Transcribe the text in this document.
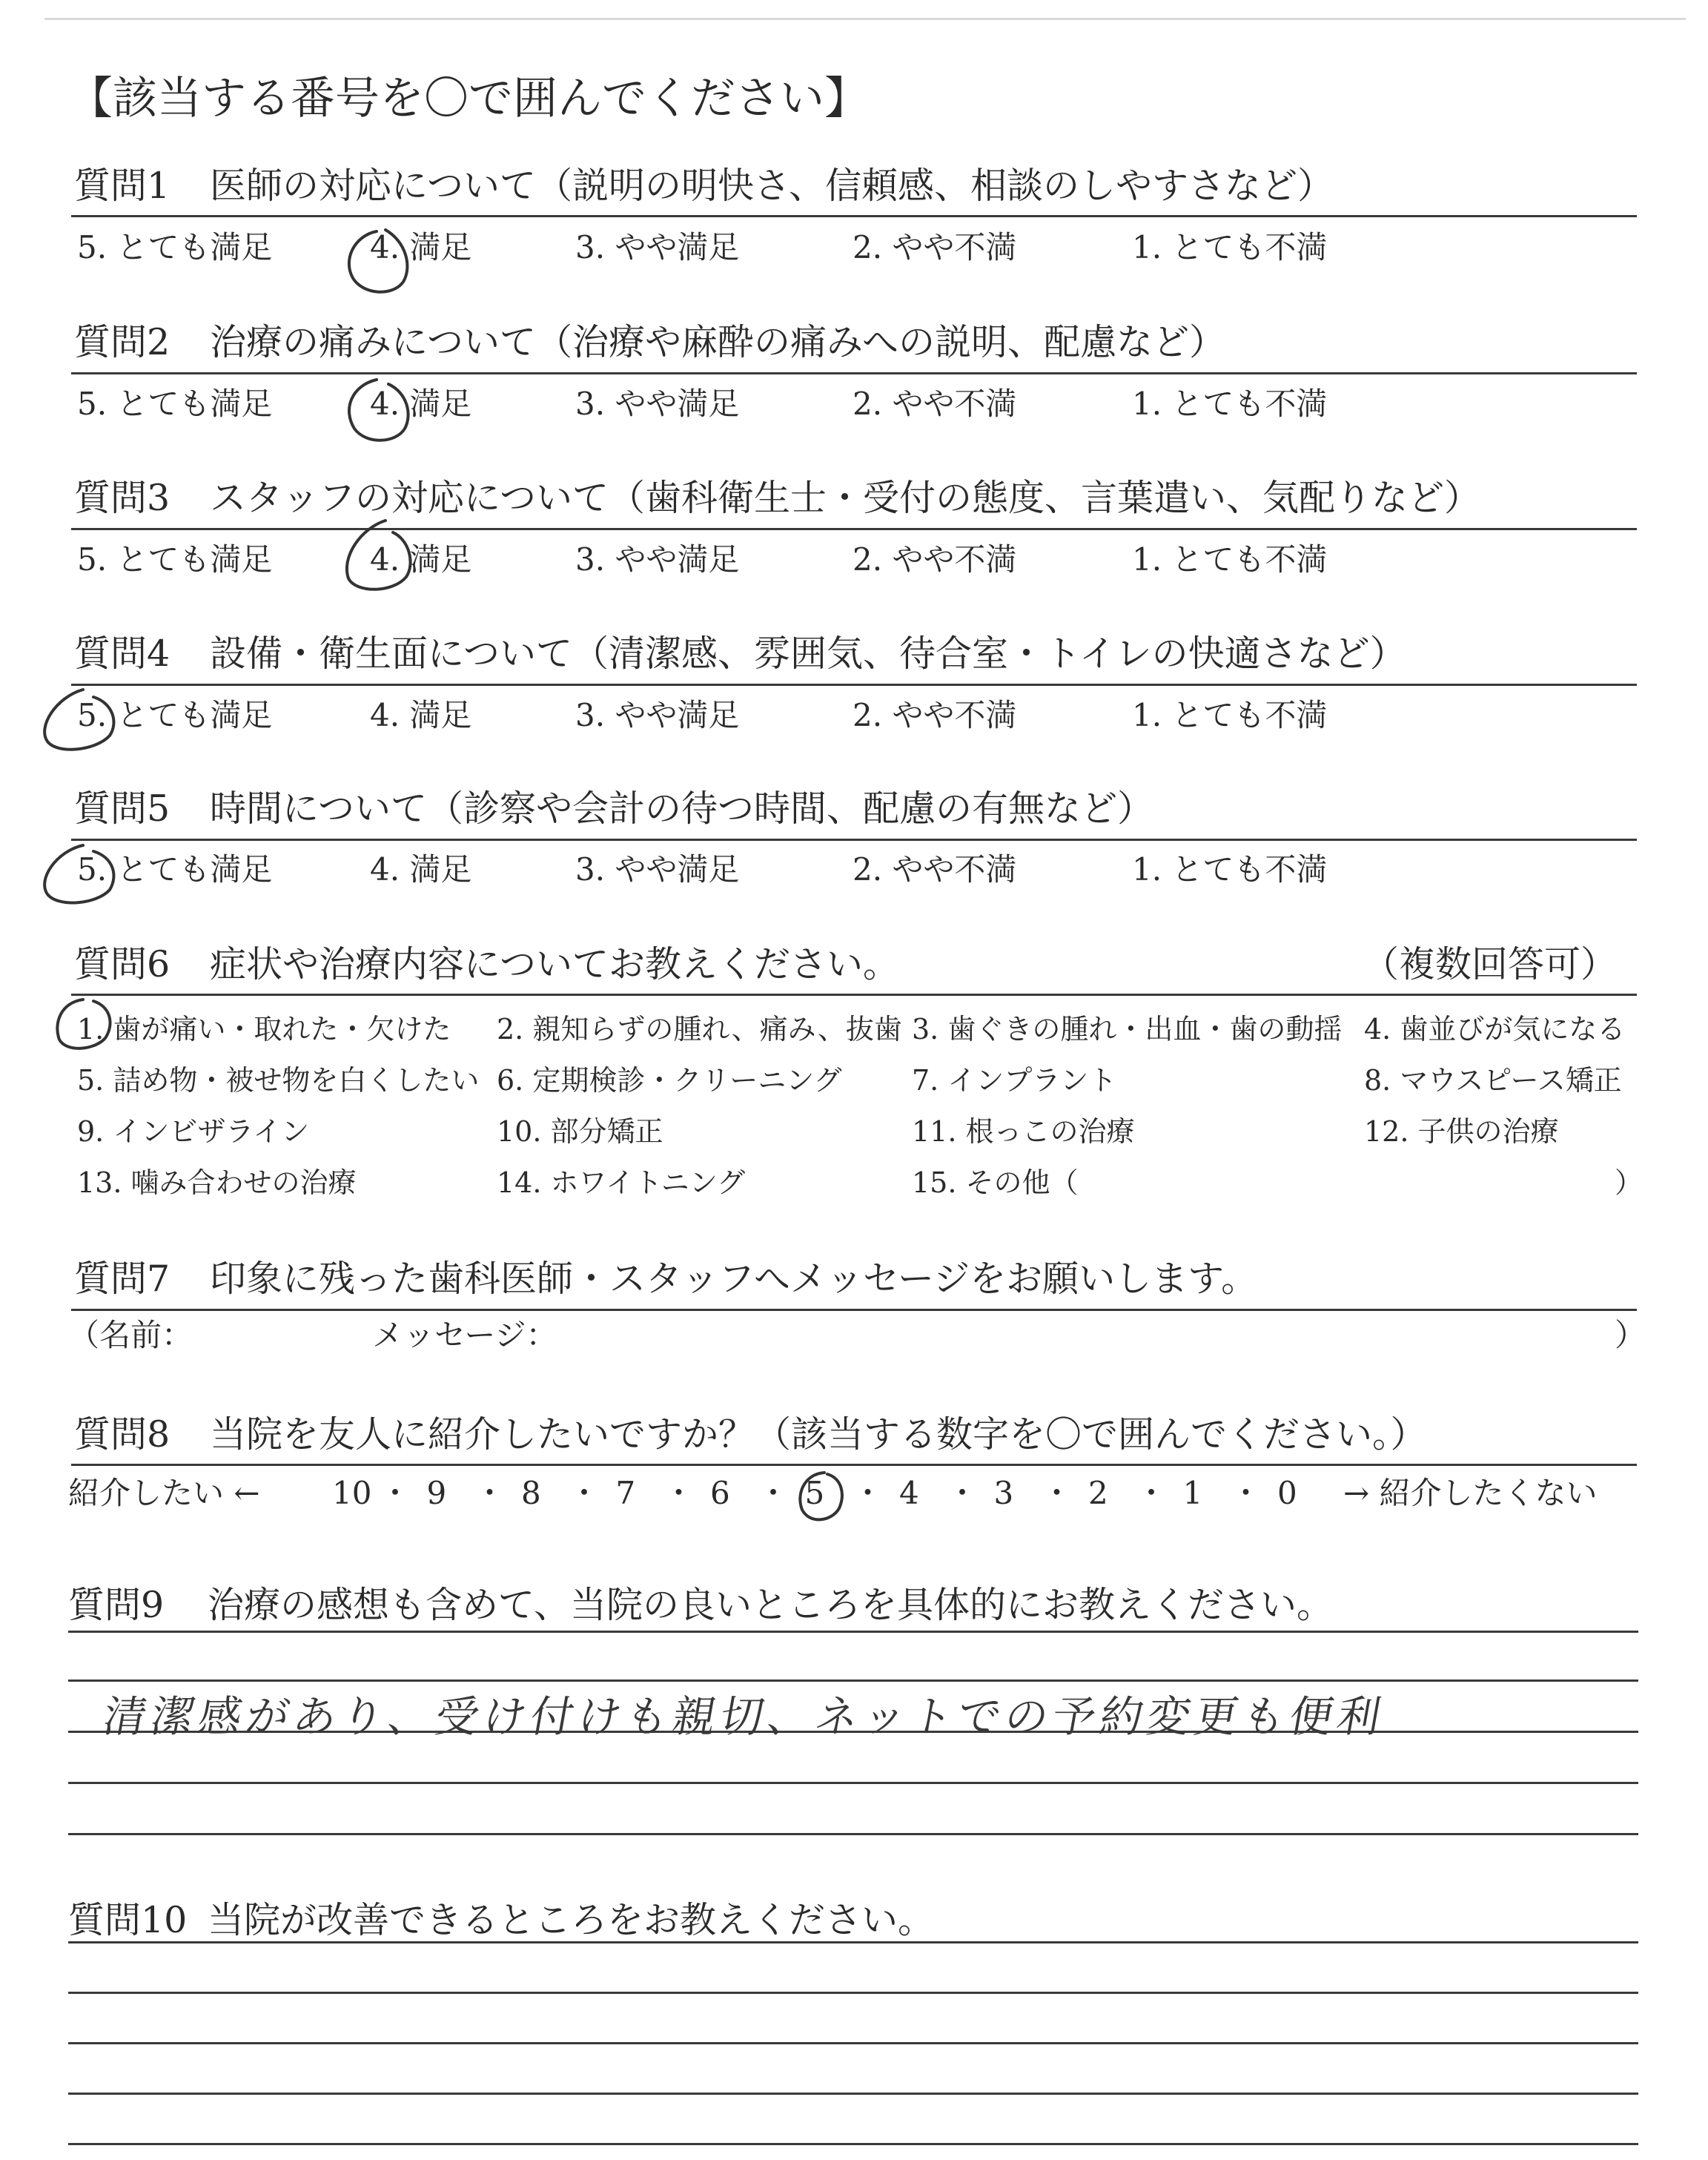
【該当する番号を〇で囲んでください】
質問1 医師の対応について（説明の明快さ、信頼感、相談のしやすさなど）
5. とても満足	4. 満足	3. やや満足	2. やや不満	1. とても不満
質問2 治療の痛みについて（治療や麻酔の痛みへの説明、配慮など）
5. とても満足	4. 満足	3. やや満足	2. やや不満	1. とても不満
質問3 スタッフの対応について（歯科衛生士・受付の態度、言葉遣い、気配りなど）
5. とても満足	4. 満足	3. やや満足	2. やや不満	1. とても不満
質問4 設備・衛生面について（清潔感、雰囲気、待合室・トイレの快適さなど）
5. とても満足	4. 満足	3. やや満足	2. やや不満	1. とても不満
質問5 時間について（診察や会計の待つ時間、配慮の有無など）
5. とても満足	4. 満足	3. やや満足	2. やや不満	1. とても不満
質問6 症状や治療内容についてお教えください。	（複数回答可）
1. 歯が痛い・取れた・欠けた 2. 親知らずの腫れ、痛み、抜歯 3. 歯ぐきの腫れ・出血・歯の動揺 4. 歯並びが気になる
5. 詰め物・被せ物を白くしたい 6. 定期検診・クリーニング 7. インプラント	8. マウスピース矯正
9. インビザライン	10. 部分矯正	11. 根っこの治療	12. 子供の治療
13. 噛み合わせの治療	14. ホワイトニング	15. その他（	）
質問7 印象に残った歯科医師・スタッフへメッセージをお願いします。
（名前：	メッセージ：	）
質問8 当院を友人に紹介したいですか？（該当する数字を〇で囲んでください。）
紹介したい ← 10 ・ 9 ・ 8 ・ 7 ・ 6 ・ 5 ・ 4 ・ 3 ・ 2 ・ 1 ・ 0 → 紹介したくない
質問9 治療の感想も含めて、当院の良いところを具体的にお教えください。
清潔感があり、受け付けも親切、ネットでの予約変更も便利
質問10 当院が改善できるところをお教えください。
